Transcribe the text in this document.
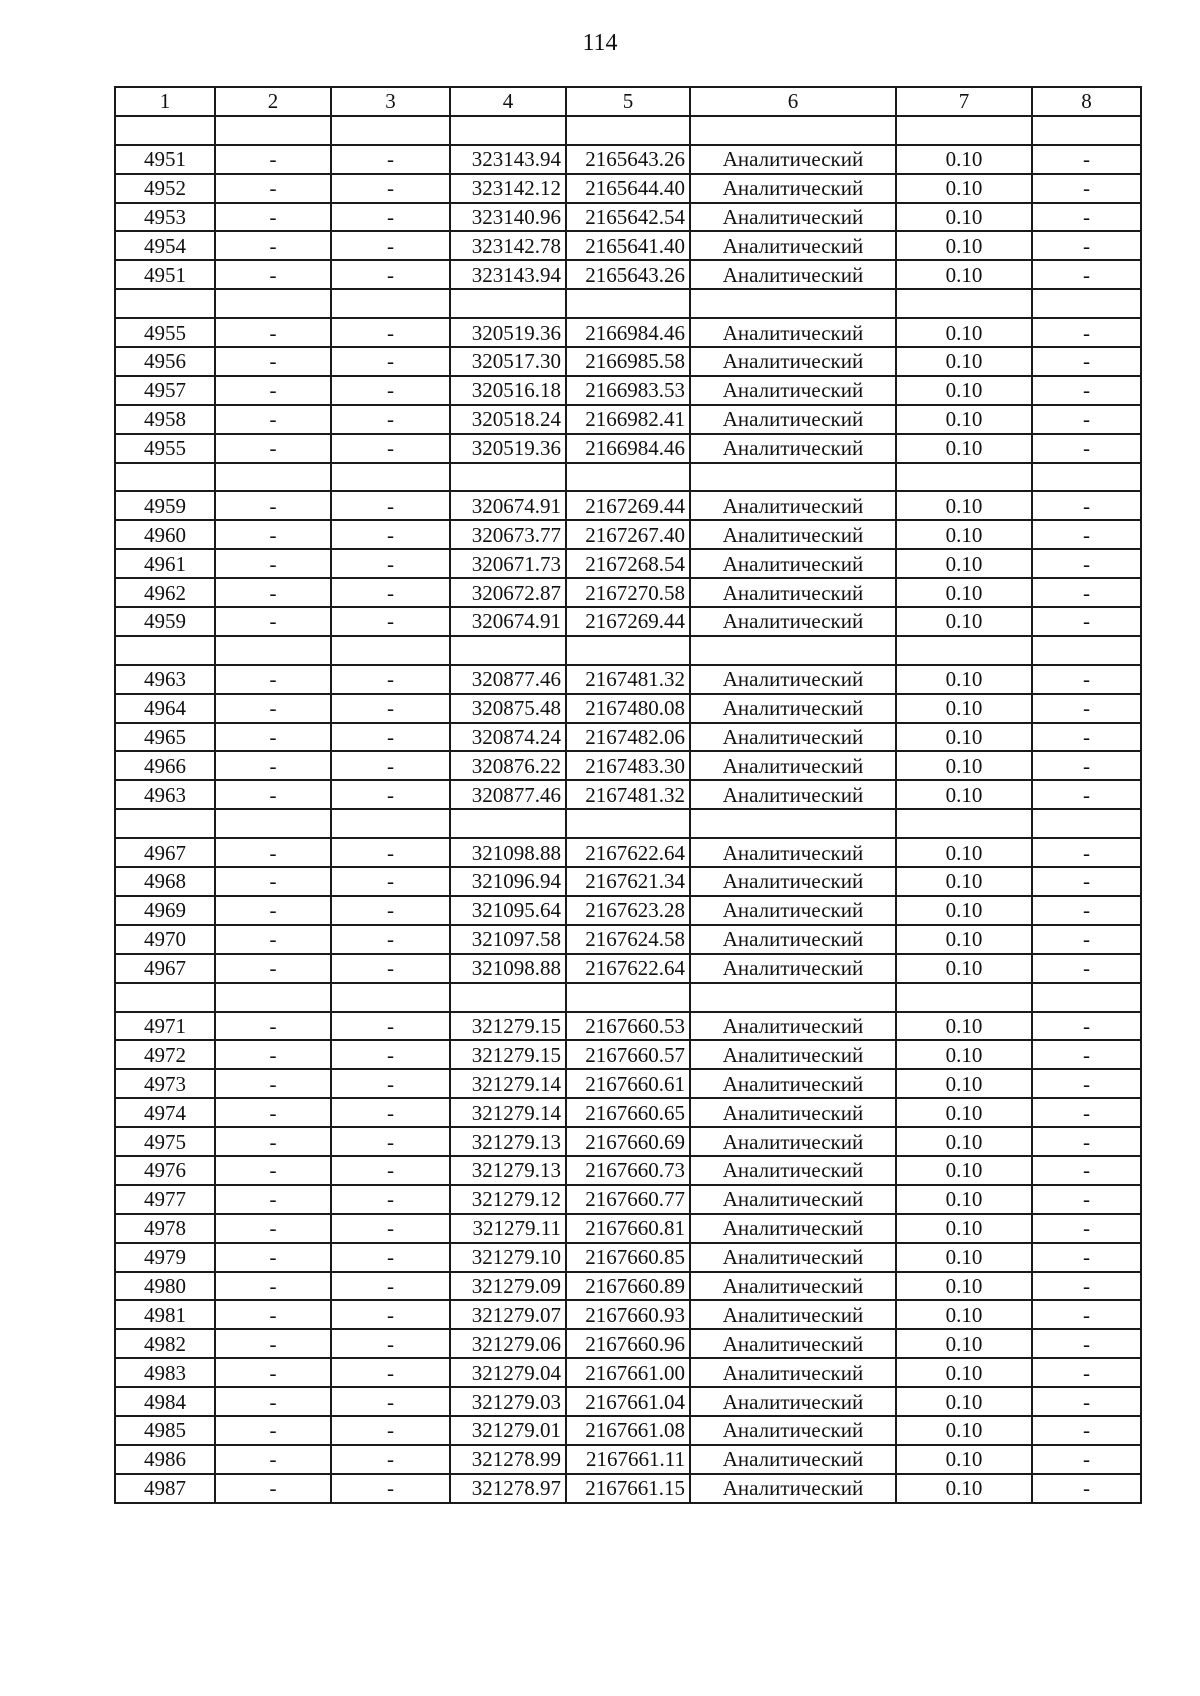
114
1	2	3	4	5	6	7	8

4951	-	-	323143.94	2165643.26	Аналитический	0.10	-
4952	-	-	323142.12	2165644.40	Аналитический	0.10	-
4953	-	-	323140.96	2165642.54	Аналитический	0.10	-
4954	-	-	323142.78	2165641.40	Аналитический	0.10	-
4951	-	-	323143.94	2165643.26	Аналитический	0.10	-

4955	-	-	320519.36	2166984.46	Аналитический	0.10	-
4956	-	-	320517.30	2166985.58	Аналитический	0.10	-
4957	-	-	320516.18	2166983.53	Аналитический	0.10	-
4958	-	-	320518.24	2166982.41	Аналитический	0.10	-
4955	-	-	320519.36	2166984.46	Аналитический	0.10	-

4959	-	-	320674.91	2167269.44	Аналитический	0.10	-
4960	-	-	320673.77	2167267.40	Аналитический	0.10	-
4961	-	-	320671.73	2167268.54	Аналитический	0.10	-
4962	-	-	320672.87	2167270.58	Аналитический	0.10	-
4959	-	-	320674.91	2167269.44	Аналитический	0.10	-

4963	-	-	320877.46	2167481.32	Аналитический	0.10	-
4964	-	-	320875.48	2167480.08	Аналитический	0.10	-
4965	-	-	320874.24	2167482.06	Аналитический	0.10	-
4966	-	-	320876.22	2167483.30	Аналитический	0.10	-
4963	-	-	320877.46	2167481.32	Аналитический	0.10	-

4967	-	-	321098.88	2167622.64	Аналитический	0.10	-
4968	-	-	321096.94	2167621.34	Аналитический	0.10	-
4969	-	-	321095.64	2167623.28	Аналитический	0.10	-
4970	-	-	321097.58	2167624.58	Аналитический	0.10	-
4967	-	-	321098.88	2167622.64	Аналитический	0.10	-

4971	-	-	321279.15	2167660.53	Аналитический	0.10	-
4972	-	-	321279.15	2167660.57	Аналитический	0.10	-
4973	-	-	321279.14	2167660.61	Аналитический	0.10	-
4974	-	-	321279.14	2167660.65	Аналитический	0.10	-
4975	-	-	321279.13	2167660.69	Аналитический	0.10	-
4976	-	-	321279.13	2167660.73	Аналитический	0.10	-
4977	-	-	321279.12	2167660.77	Аналитический	0.10	-
4978	-	-	321279.11	2167660.81	Аналитический	0.10	-
4979	-	-	321279.10	2167660.85	Аналитический	0.10	-
4980	-	-	321279.09	2167660.89	Аналитический	0.10	-
4981	-	-	321279.07	2167660.93	Аналитический	0.10	-
4982	-	-	321279.06	2167660.96	Аналитический	0.10	-
4983	-	-	321279.04	2167661.00	Аналитический	0.10	-
4984	-	-	321279.03	2167661.04	Аналитический	0.10	-
4985	-	-	321279.01	2167661.08	Аналитический	0.10	-
4986	-	-	321278.99	2167661.11	Аналитический	0.10	-
4987	-	-	321278.97	2167661.15	Аналитический	0.10	-
